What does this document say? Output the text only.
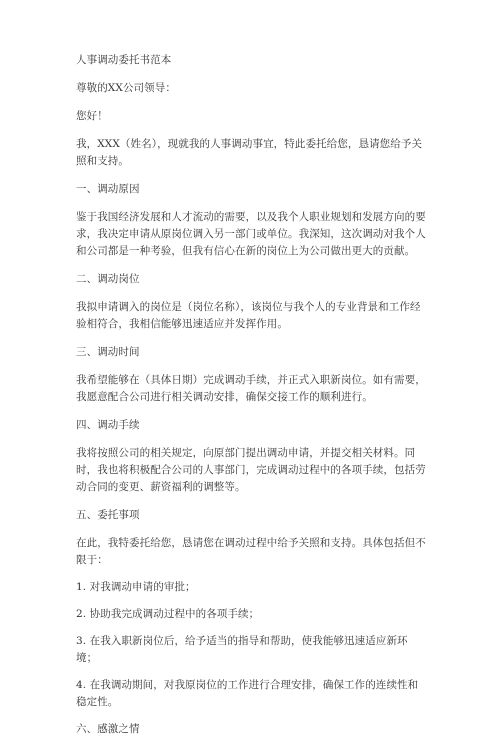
人事调动委托书范本

尊敬的XX公司领导：

您好！

我，XXX（姓名），现就我的人事调动事宜，特此委托给您，恳请您给予关照和支持。

一、调动原因

鉴于我国经济发展和人才流动的需要，以及我个人职业规划和发展方向的要求，我决定申请从原岗位调入另一部门或单位。我深知，这次调动对我个人和公司都是一种考验，但我有信心在新的岗位上为公司做出更大的贡献。

二、调动岗位

我拟申请调入的岗位是（岗位名称），该岗位与我个人的专业背景和工作经验相符合，我相信能够迅速适应并发挥作用。

三、调动时间

我希望能够在（具体日期）完成调动手续，并正式入职新岗位。如有需要，我愿意配合公司进行相关调动安排，确保交接工作的顺利进行。

四、调动手续

我将按照公司的相关规定，向原部门提出调动申请，并提交相关材料。同时，我也将积极配合公司的人事部门，完成调动过程中的各项手续，包括劳动合同的变更、薪资福利的调整等。

五、委托事项

在此，我特委托给您，恳请您在调动过程中给予关照和支持。具体包括但不限于：

1. 对我调动申请的审批；

2. 协助我完成调动过程中的各项手续；

3. 在我入职新岗位后，给予适当的指导和帮助，使我能够迅速适应新环境；

4. 在我调动期间，对我原岗位的工作进行合理安排，确保工作的连续性和稳定性。

六、感激之情
